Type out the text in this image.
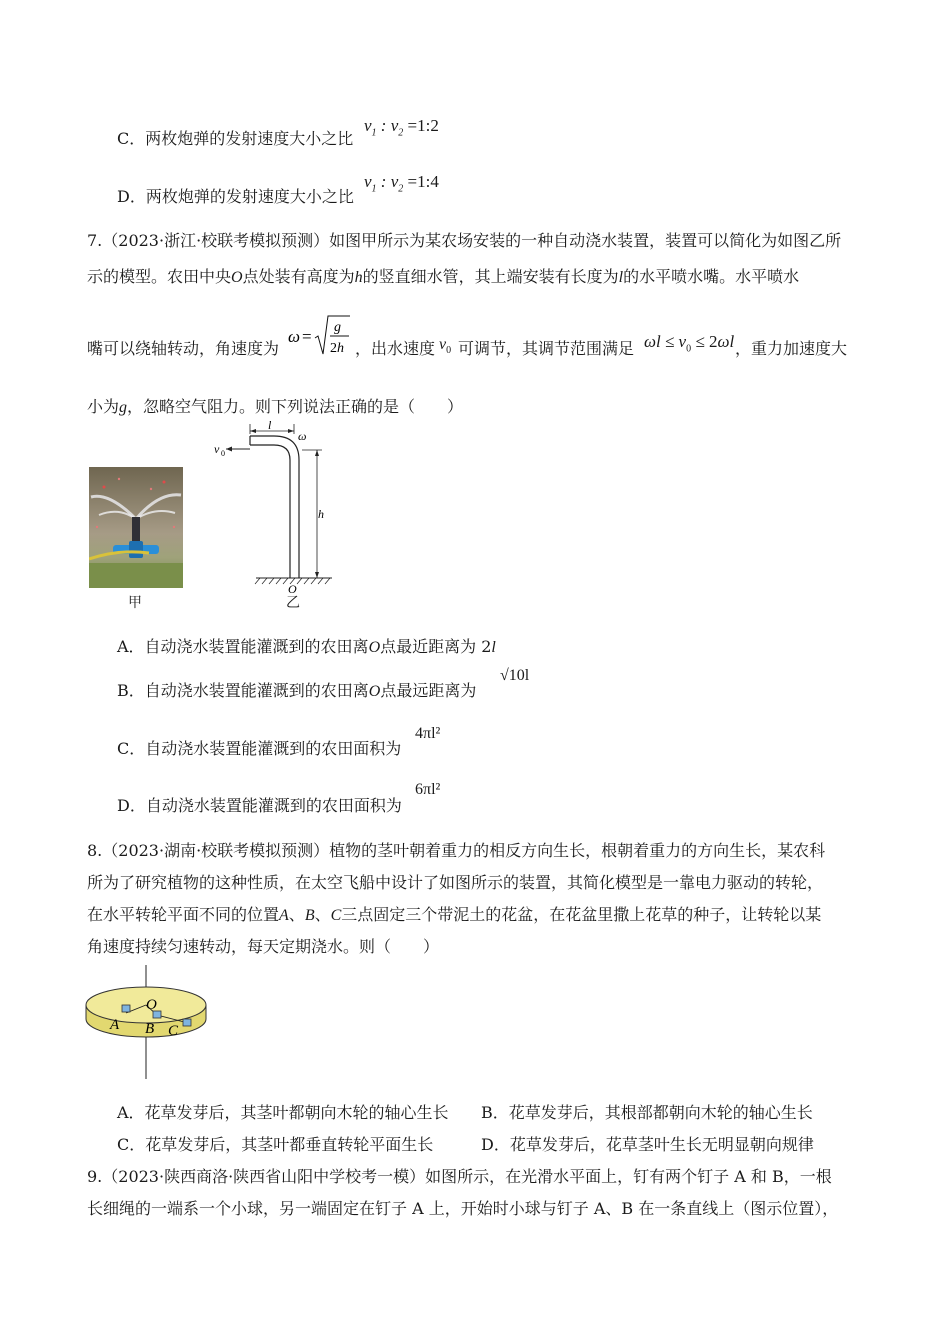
C．两枚炮弹的发射速度大小之比
$v_1$ : $v_2$ =1:2
D．两枚炮弹的发射速度大小之比
$v_1$ : $v_2$ =1:4
7.（2023·浙江·校联考模拟预测）如图甲所示为某农场安装的一种自动浇水装置，装置可以简化为如图乙所
示的模型。农田中央O点处装有高度为h的竖直细水管，其上端安装有长度为l的水平喷水嘴。水平喷水
嘴可以绕轴转动，角速度为
ω = g
2h ，出水速度 $v_0$ 可调节，其调节范围满足 $\omega l \le v_0 \le 2\omega l$ ，重力加速度大
小为g，忽略空气阻力。则下列说法正确的是（　　）
甲
v 0
l
ω
h
O
乙
A．自动浇水装置能灌溉到的农田离O点最近距离为 2l
B．自动浇水装置能灌溉到的农田离O点最远距离为
√10l
C．自动浇水装置能灌溉到的农田面积为
4πl²
D．自动浇水装置能灌溉到的农田面积为
6πl²
8.（2023·湖南·校联考模拟预测）植物的茎叶朝着重力的相反方向生长，根朝着重力的方向生长，某农科
所为了研究植物的这种性质，在太空飞船中设计了如图所示的装置，其简化模型是一靠电力驱动的转轮，
在水平转轮平面不同的位置A、B、C三点固定三个带泥土的花盆，在花盆里撒上花草的种子，让转轮以某
角速度持续匀速转动，每天定期浇水。则（　　）
O
A B C
A．花草发芽后，其茎叶都朝向木轮的轴心生长 B．花草发芽后，其根部都朝向木轮的轴心生长
C．花草发芽后，其茎叶都垂直转轮平面生长	D．花草发芽后，花草茎叶生长无明显朝向规律
9.（2023·陕西商洛·陕西省山阳中学校考一模）如图所示，在光滑水平面上，钉有两个钉子 A 和 B，一根
长细绳的一端系一个小球，另一端固定在钉子 A 上，开始时小球与钉子 A、B 在一条直线上（图示位置），
